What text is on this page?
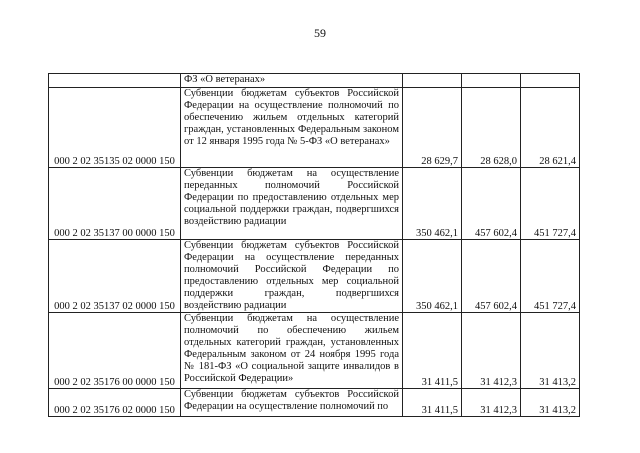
59
	ФЗ «О ветеранах»			
000 2 02 35135 02 0000 150	Субвенции бюджетам субъектов Российской Федерации на осуществление полномочий по обеспечению жильем отдельных категорий граждан, установленных Федеральным законом от 12 января 1995 года № 5-ФЗ «О ветеранах»	28 629,7	28 628,0	28 621,4
000 2 02 35137 00 0000 150	Субвенции бюджетам на осуществление переданных полномочий Российской Федерации по предоставлению отдельных мер социальной поддержки граждан, подвергшихся воздействию радиации	350 462,1	457 602,4	451 727,4
000 2 02 35137 02 0000 150	Субвенции бюджетам субъектов Российской Федерации на осуществление переданных полномочий Российской Федерации по предоставлению отдельных мер социальной поддержки граждан, подвергшихся воздействию радиации	350 462,1	457 602,4	451 727,4
000 2 02 35176 00 0000 150	Субвенции бюджетам на осуществление полномочий по обеспечению жильем отдельных категорий граждан, установленных Федеральным законом от 24 ноября 1995 года № 181-ФЗ «О социальной защите инвалидов в Российской Федерации»	31 411,5	31 412,3	31 413,2
000 2 02 35176 02 0000 150	Субвенции бюджетам субъектов Российской Федерации на осуществление полномочий по	31 411,5	31 412,3	31 413,2
